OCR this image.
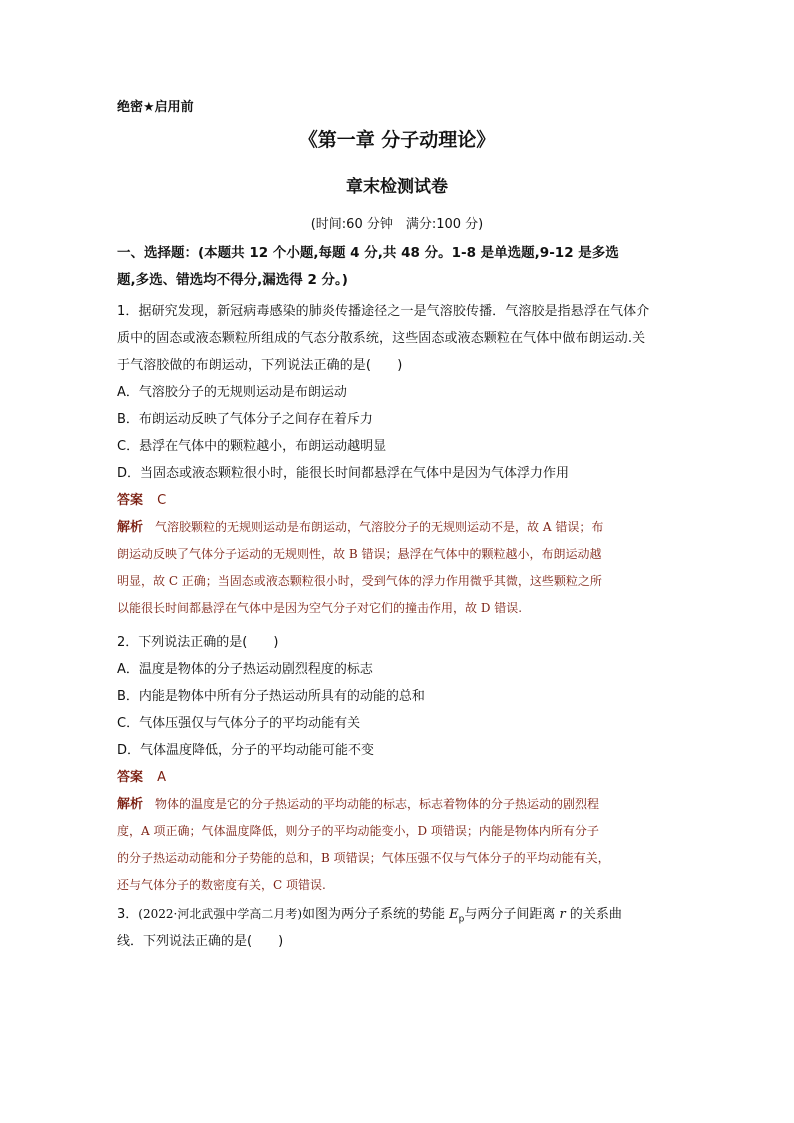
绝密★启用前
《第一章 分子动理论》
章末检测试卷
(时间:60 分钟　满分:100 分)
一、选择题：(本题共 12 个小题,每题 4 分,共 48 分。1-8 是单选题,9-12 是多选
题,多选、错选均不得分,漏选得 2 分。)
1．据研究发现，新冠病毒感染的肺炎传播途径之一是气溶胶传播．气溶胶是指悬浮在气体介
质中的固态或液态颗粒所组成的气态分散系统，这些固态或液态颗粒在气体中做布朗运动.关
于气溶胶做的布朗运动，下列说法正确的是(　　)
A．气溶胶分子的无规则运动是布朗运动
B．布朗运动反映了气体分子之间存在着斥力
C．悬浮在气体中的颗粒越小，布朗运动越明显
D．当固态或液态颗粒很小时，能很长时间都悬浮在气体中是因为气体浮力作用
答案 C
解析 气溶胶颗粒的无规则运动是布朗运动，气溶胶分子的无规则运动不是，故 A 错误；布
朗运动反映了气体分子运动的无规则性，故 B 错误；悬浮在气体中的颗粒越小，布朗运动越
明显，故 C 正确；当固态或液态颗粒很小时，受到气体的浮力作用微乎其微，这些颗粒之所
以能很长时间都悬浮在气体中是因为空气分子对它们的撞击作用，故 D 错误.
2．下列说法正确的是(　　)
A．温度是物体的分子热运动剧烈程度的标志
B．内能是物体中所有分子热运动所具有的动能的总和
C．气体压强仅与气体分子的平均动能有关
D．气体温度降低，分子的平均动能可能不变
答案 A
解析 物体的温度是它的分子热运动的平均动能的标志，标志着物体的分子热运动的剧烈程
度，A 项正确；气体温度降低，则分子的平均动能变小，D 项错误；内能是物体内所有分子
的分子热运动动能和分子势能的总和，B 项错误；气体压强不仅与气体分子的平均动能有关，
还与气体分子的数密度有关，C 项错误.
3．(2022·河北武强中学高二月考)如图为两分子系统的势能 $E_p$与两分子间距离 r 的关系曲
线．下列说法正确的是(　　)
